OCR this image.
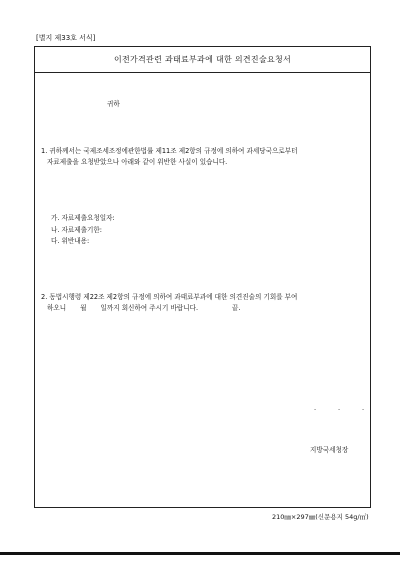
[별지 제33호 서식]
이전가격관련 과태료부과에 대한 의견진술요청서
귀하
1. 귀하께서는 국제조세조정에관한법률 제11조 제2항의 규정에 의하여 과세당국으로부터
자료제출을 요청받았으나 아래와 같이 위반한 사실이 있습니다.
가. 자료제출요청일자:
나. 자료제출기한:
다. 위반내용:
2. 동법시행령 제22조 제2항의 규정에 의하여 과태료부과에 대한 의견진술의 기회를 부여
하오니 월 일까지 회신하여 주시기 바랍니다.	끝.
.	.	.
지방국세청장
210㎜×297㎜(신문용지 54g/㎡)
